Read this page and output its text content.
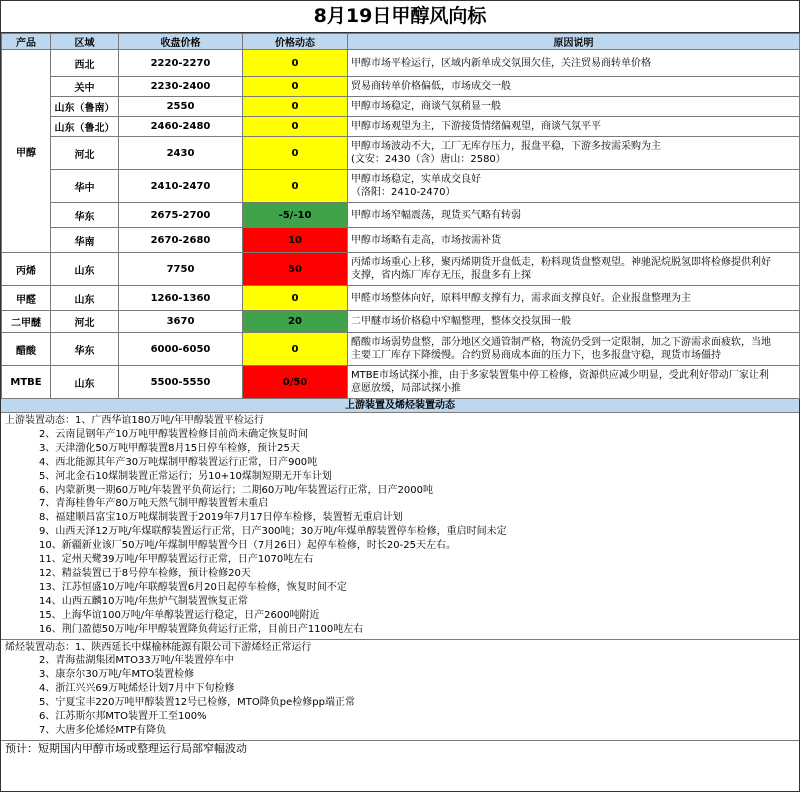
8月19日甲醇风向标
产品	区域	收盘价格	价格动态	原因说明
甲醇	西北	2220-2270	0	甲醇市场平检运行，区域内新单成交氛围欠佳，关注贸易商转单价格

	关中	2230-2400	0	贸易商转单价格偏低，市场成交一般

	山东（鲁南）	2550	0	甲醇市场稳定，商谈气氛稍显一般

	山东（鲁北）	2460-2480	0	甲醇市场观望为主，下游接货情绪偏观望，商谈气氛平平

	河北	2430	0	甲醇市场波动不大，工厂无库存压力，报盘平稳，下游多按需采购为主
(文安：2430（含）唐山：2580）

	华中	2410-2470	0	甲醇市场稳定，实单成交良好
（洛阳：2410-2470）

	华东	2675-2700	-5/-10	甲醇市场窄幅震荡，现货买气略有转弱

	华南	2670-2680	10	甲醇市场略有走高，市场按需补货

丙烯	山东	7750	50	丙烯市场重心上移，聚丙烯期货开盘低走，粉料现货盘整观望。神驰泥烷脱氢即将检修提供利好
支撑，省内炼厂库存无压，报盘多有上探

甲醛	山东	1260-1360	0	甲醛市场整体向好，原料甲醇支撑有力，需求面支撑良好。企业报盘整理为主

二甲醚	河北	3670	20	二甲醚市场价格稳中窄幅整理，整体交投氛围一般

醋酸	华东	6000-6050	0	醋酸市场弱势盘整，部分地区交通管制严格，物流仍受到一定限制，加之下游需求面疲软，当地
主要工厂库存下降缓慢。合约贸易商成本面的压力下，也多报盘守稳，现货市场僵持

MTBE	山东	5500-5550	0/50	MTBE市场试探小推，由于多家装置集中停工检修，资源供应减少明显，受此利好带动厂家让利
意愿放缓，局部试探小推
上游装置及烯烃装置动态
上游装置动态：1、广西华谊180万吨/年甲醇装置平检运行
2、云南昆钢年产10万吨甲醇装置检修目前尚未确定恢复时间
3、天津渤化50万吨甲醇装置8月15日停车检修，预计25天
4、西北能源其年产30万吨煤制甲醇装置运行正常，日产900吨
5、河北金石10煤制装置正常运行；另10+10煤制短期无开车计划
6、内蒙新奥一期60万吨/年装置平负荷运行；二期60万吨/年装置运行正常，日产2000吨
7、青海桂鲁年产80万吨天然气制甲醇装置暂未重启
8、福建顺昌富宝10万吨煤制装置于2019年7月17日停车检修，装置暂无重启计划
9、山西天泽12万吨/年煤联醇装置运行正常，日产300吨；30万吨/年煤单醇装置停车检修，重启时间未定
10、新疆新业该厂50万吨/年煤制甲醇装置今日（7月26日）起停车检修，时长20-25天左右。
11、定州天鹭39万吨/年甲醇装置运行正常，日产1070吨左右
12、精益装置已于8号停车检修，预计检修20天
13、江苏恒盛10万吨/年联醇装置6月20日起停车检修，恢复时间不定
14、山西五麟10万吨/年焦炉气制装置恢复正常
15、上海华谊100万吨/年单醇装置运行稳定，日产2600吨附近
16、荆门盈德50万吨/年甲醇装置降负荷运行正常，目前日产1100吨左右
烯烃装置动态：1、陕西延长中煤榆林能源有限公司下游烯烃正常运行
2、青海盐湖集团MTO33万吨/年装置停车中
3、康奈尔30万吨/年MTO装置检修
4、浙江兴兴69万吨烯烃计划7月中下旬检修
5、宁夏宝丰220万吨甲醇装置12号已检修，MTO降负pe检修pp端正常
6、江苏斯尔邦MTO装置开工至100%
7、大唐多伦烯烃MTP有降负
预计：短期国内甲醇市场或整理运行局部窄幅波动
